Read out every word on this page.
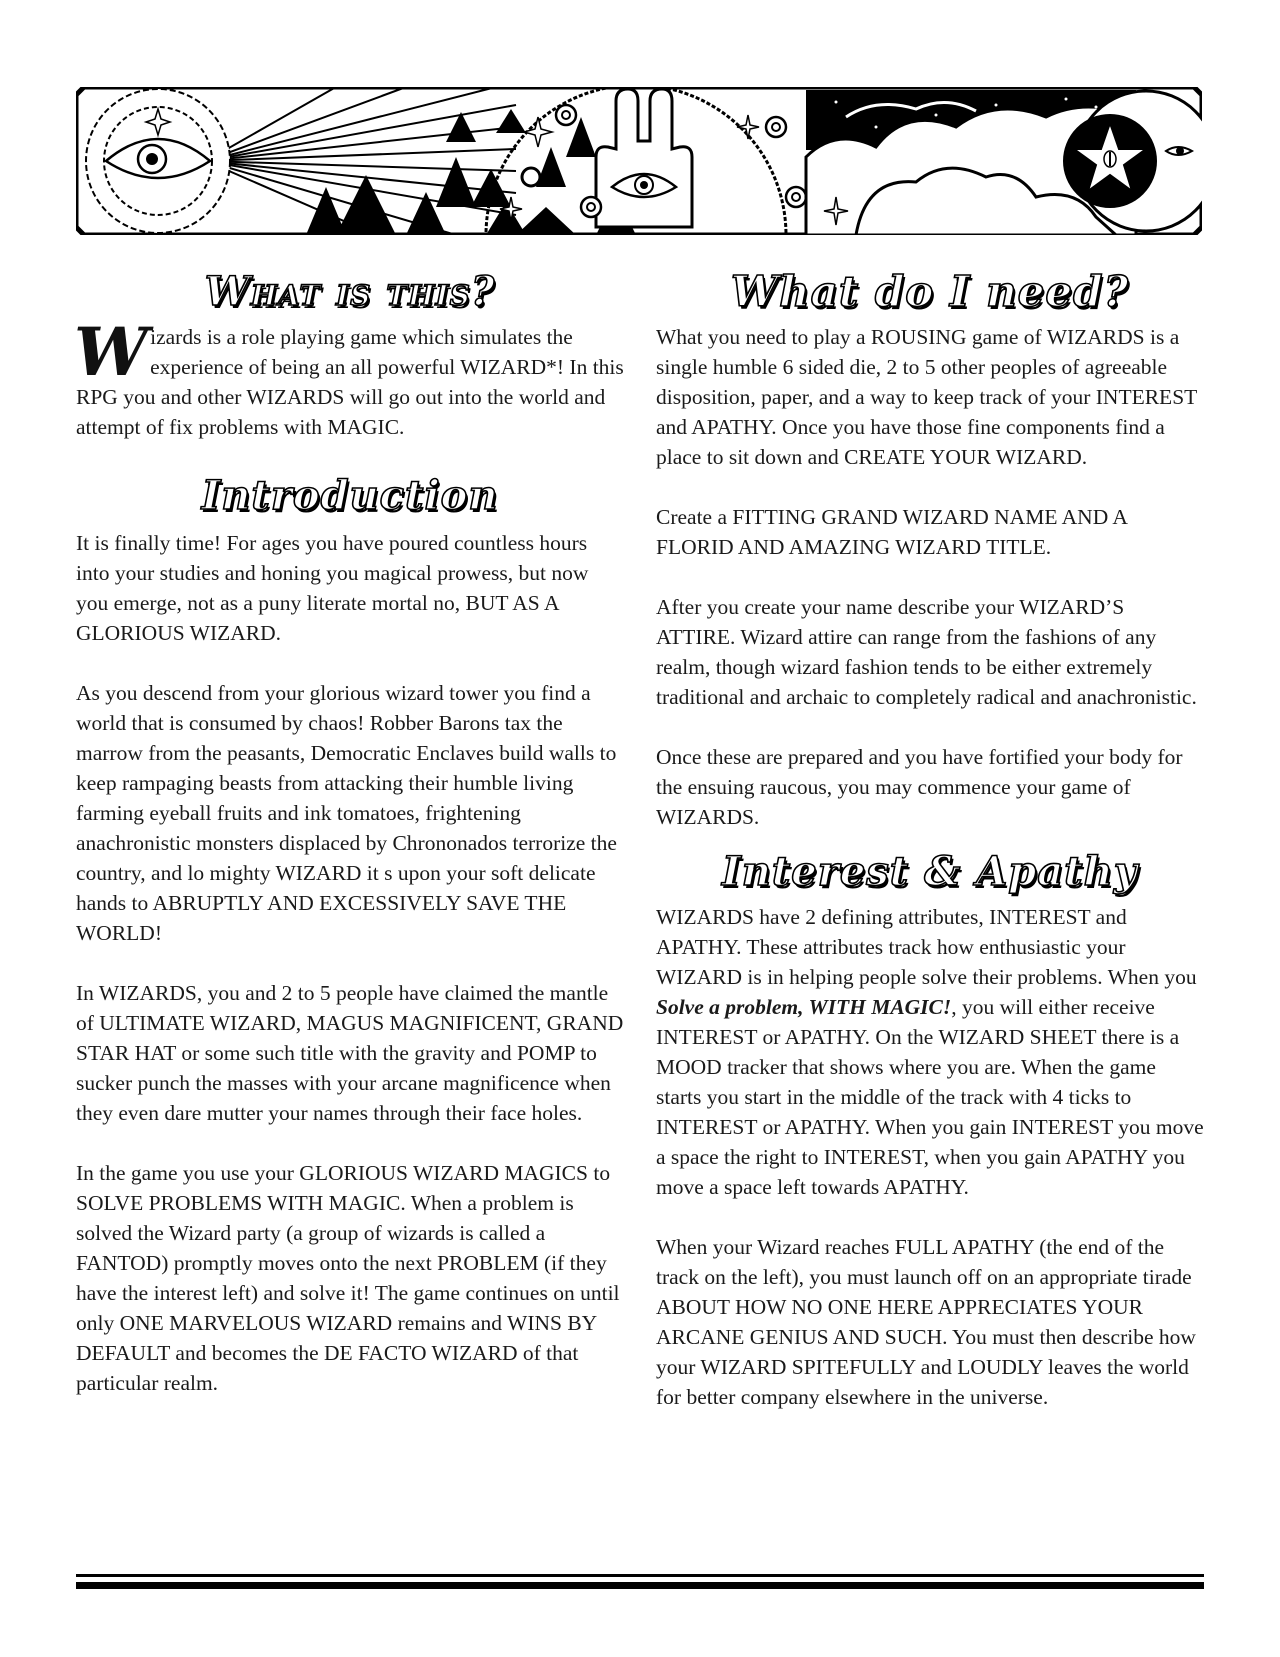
What is this?

Wizards is a role playing game which simulates the experience of being an all powerful WIZARD*! In this RPG you and other WIZARDS will go out into the world and attempt of fix problems with MAGIC.

Introduction

It is finally time! For ages you have poured countless hours into your studies and honing you magical prowess, but now you emerge, not as a puny literate mortal no, BUT AS A GLORIOUS WIZARD.

As you descend from your glorious wizard tower you find a world that is consumed by chaos! Robber Barons tax the marrow from the peasants, Democratic Enclaves build walls to keep rampaging beasts from attacking their humble living farming eyeball fruits and ink tomatoes, frightening anachronistic monsters displaced by Chrononados terrorize the country, and lo mighty WIZARD it s upon your soft delicate hands to ABRUPTLY AND EXCESSIVELY SAVE THE WORLD!

In WIZARDS, you and 2 to 5 people have claimed the mantle of ULTIMATE WIZARD, MAGUS MAGNIFICENT, GRAND STAR HAT or some such title with the gravity and POMP to sucker punch the masses with your arcane magnificence when they even dare mutter your names through their face holes.

In the game you use your GLORIOUS WIZARD MAGICS to SOLVE PROBLEMS WITH MAGIC. When a problem is solved the Wizard party (a group of wizards is called a FANTOD) promptly moves onto the next PROBLEM (if they have the interest left) and solve it! The game continues on until only ONE MARVELOUS WIZARD remains and WINS BY DEFAULT and becomes the DE FACTO WIZARD of that particular realm.

What do I need?

What you need to play a ROUSING game of WIZARDS is a single humble 6 sided die, 2 to 5 other peoples of agreeable disposition, paper, and a way to keep track of your INTEREST and APATHY. Once you have those fine components find a place to sit down and CREATE YOUR WIZARD.

Create a FITTING GRAND WIZARD NAME AND A FLORID AND AMAZING WIZARD TITLE.

After you create your name describe your WIZARD’S ATTIRE. Wizard attire can range from the fashions of any realm, though wizard fashion tends to be either extremely traditional and archaic to completely radical and anachronistic.

Once these are prepared and you have fortified your body for the ensuing raucous, you may commence your game of WIZARDS.

Interest & Apathy

WIZARDS have 2 defining attributes, INTEREST and APATHY. These attributes track how enthusiastic your WIZARD is in helping people solve their problems. When you Solve a problem, WITH MAGIC!, you will either receive INTEREST or APATHY. On the WIZARD SHEET there is a MOOD tracker that shows where you are. When the game starts you start in the middle of the track with 4 ticks to INTEREST or APATHY. When you gain INTEREST you move a space the right to INTEREST, when you gain APATHY you move a space left towards APATHY.

When your Wizard reaches FULL APATHY (the end of the track on the left), you must launch off on an appropriate tirade ABOUT HOW NO ONE HERE APPRECIATES YOUR ARCANE GENIUS AND SUCH. You must then describe how your WIZARD SPITEFULLY and LOUDLY leaves the world for better company elsewhere in the universe.
